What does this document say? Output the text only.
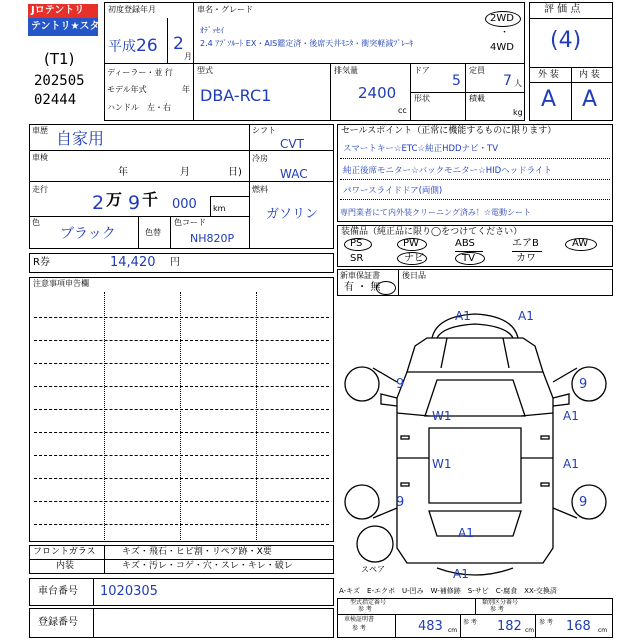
Jロテントリ
テントリ★スター
(T1)
202505
02444
初度登録年月
平成26 2
月
車名・グレード
ｵﾃﾞｯｾｲ
2.4 ｱﾌﾞｿﾙｰﾄ EX・AIS鑑定済・後席天井ﾓﾆﾀ・衝突軽減ﾌﾞﾚｰｷ
2WD
・
4WD
ディーラー・並 行
モデル年式	年
ハンドル　左・右
型式
DBA-RC1
排気量
2400
cc
ドア
5
定員
7 人
形状	積載
kg
評 価 点
(4)
外 装 内 装
A A
車歴 自家用
車検
年	月	日)
走行
2 万 9 千 000 km
色
ブラック	色替
色コード
NH820P
シフト
CVT
冷房
WAC
燃料
ガソリン
R券	14,420 円
注意事項申告欄
セールスポイント（正常に機能するものに限ります）
スマートキー☆ETC☆純正HDDナビ・TV
純正後席モニター☆バックモニター☆HIDヘッドライト
パワースライドドア(両側)
専門業者にて内外装クリーニング済み！☆電動シート
装備品（純正品に限り◯をつけてください）
PS	PW	ABS	エアB	AW
SR	ナビ	TV	カワ
新車保証書
有 ・ 無
後日品
A1	A1
9	9
W1	A1
W1	A1
9	9
A1
A1
スペア
A-キズ　E-エクボ　U-凹み　W-補修跡　S-サビ　C-腐食　XX-交換済
型式指定番号
参 考
類別区分番号
参 考
車検証明書
参 考	483 cm
参 考 182 cm
参 考 168 cm
フロントガラス	キズ・飛石・ヒビ割・リペア跡・X要
内装	キズ・汚レ・コゲ・穴・スレ・キレ・破レ
車台番号 1020305
登録番号
